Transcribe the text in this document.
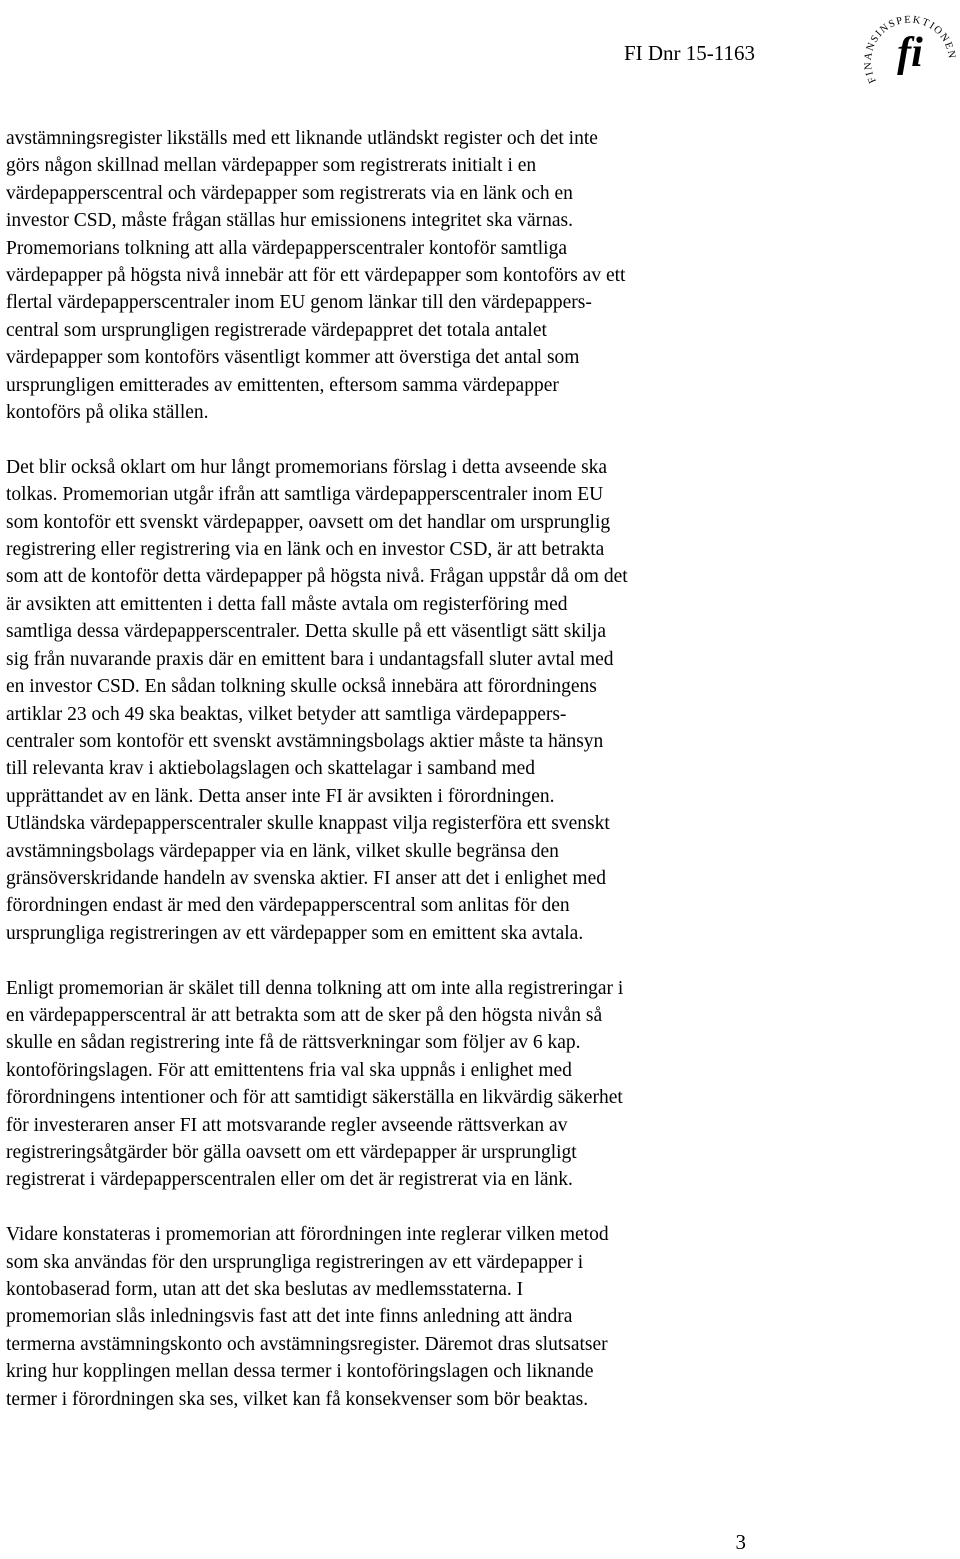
FI Dnr 15-1163
FINANSINSPEKTIONEN
fi

avstämningsregister likställs med ett liknande utländskt register och det inte
görs någon skillnad mellan värdepapper som registrerats initialt i en
värdepapperscentral och värdepapper som registrerats via en länk och en
investor CSD, måste frågan ställas hur emissionens integritet ska värnas.
Promemorians tolkning att alla värdepapperscentraler kontoför samtliga
värdepapper på högsta nivå innebär att för ett värdepapper som kontoförs av ett
flertal värdepapperscentraler inom EU genom länkar till den värdepappers-
central som ursprungligen registrerade värdepappret det totala antalet
värdepapper som kontoförs väsentligt kommer att överstiga det antal som
ursprungligen emitterades av emittenten, eftersom samma värdepapper
kontoförs på olika ställen.

Det blir också oklart om hur långt promemorians förslag i detta avseende ska
tolkas. Promemorian utgår ifrån att samtliga värdepapperscentraler inom EU
som kontoför ett svenskt värdepapper, oavsett om det handlar om ursprunglig
registrering eller registrering via en länk och en investor CSD, är att betrakta
som att de kontoför detta värdepapper på högsta nivå. Frågan uppstår då om det
är avsikten att emittenten i detta fall måste avtala om registerföring med
samtliga dessa värdepapperscentraler. Detta skulle på ett väsentligt sätt skilja
sig från nuvarande praxis där en emittent bara i undantagsfall sluter avtal med
en investor CSD. En sådan tolkning skulle också innebära att förordningens
artiklar 23 och 49 ska beaktas, vilket betyder att samtliga värdepappers-
centraler som kontoför ett svenskt avstämningsbolags aktier måste ta hänsyn
till relevanta krav i aktiebolagslagen och skattelagar i samband med
upprättandet av en länk. Detta anser inte FI är avsikten i förordningen.
Utländska värdepapperscentraler skulle knappast vilja registerföra ett svenskt
avstämningsbolags värdepapper via en länk, vilket skulle begränsa den
gränsöverskridande handeln av svenska aktier. FI anser att det i enlighet med
förordningen endast är med den värdepapperscentral som anlitas för den
ursprungliga registreringen av ett värdepapper som en emittent ska avtala.

Enligt promemorian är skälet till denna tolkning att om inte alla registreringar i
en värdepapperscentral är att betrakta som att de sker på den högsta nivån så
skulle en sådan registrering inte få de rättsverkningar som följer av 6 kap.
kontoföringslagen. För att emittentens fria val ska uppnås i enlighet med
förordningens intentioner och för att samtidigt säkerställa en likvärdig säkerhet
för investeraren anser FI att motsvarande regler avseende rättsverkan av
registreringsåtgärder bör gälla oavsett om ett värdepapper är ursprungligt
registrerat i värdepapperscentralen eller om det är registrerat via en länk.

Vidare konstateras i promemorian att förordningen inte reglerar vilken metod
som ska användas för den ursprungliga registreringen av ett värdepapper i
kontobaserad form, utan att det ska beslutas av medlemsstaterna. I
promemorian slås inledningsvis fast att det inte finns anledning att ändra
termerna avstämningskonto och avstämningsregister. Däremot dras slutsatser
kring hur kopplingen mellan dessa termer i kontoföringslagen och liknande
termer i förordningen ska ses, vilket kan få konsekvenser som bör beaktas.

3
